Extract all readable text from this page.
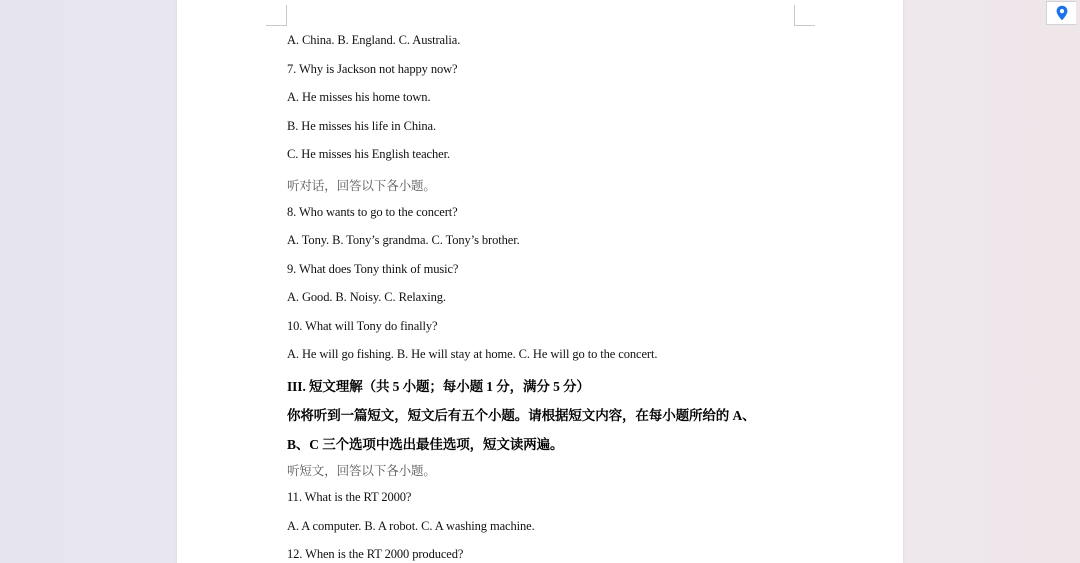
A. China. B. England. C. Australia.
7. Why is Jackson not happy now?
A. He misses his home town.
B. He misses his life in China.
C. He misses his English teacher.
听对话，回答以下各小题。
8. Who wants to go to the concert?
A. Tony. B. Tony’s grandma. C. Tony’s brother.
9. What does Tony think of music?
A. Good. B. Noisy. C. Relaxing.
10. What will Tony do finally?
A. He will go fishing. B. He will stay at home. C. He will go to the concert.
III. 短文理解（共 5 小题；每小题 1 分，满分 5 分）
你将听到一篇短文，短文后有五个小题。请根据短文内容，在每小题所给的 A、
B、C 三个选项中选出最佳选项，短文读两遍。
听短文，回答以下各小题。
11. What is the RT 2000?
A. A computer. B. A robot. C. A washing machine.
12. When is the RT 2000 produced?
